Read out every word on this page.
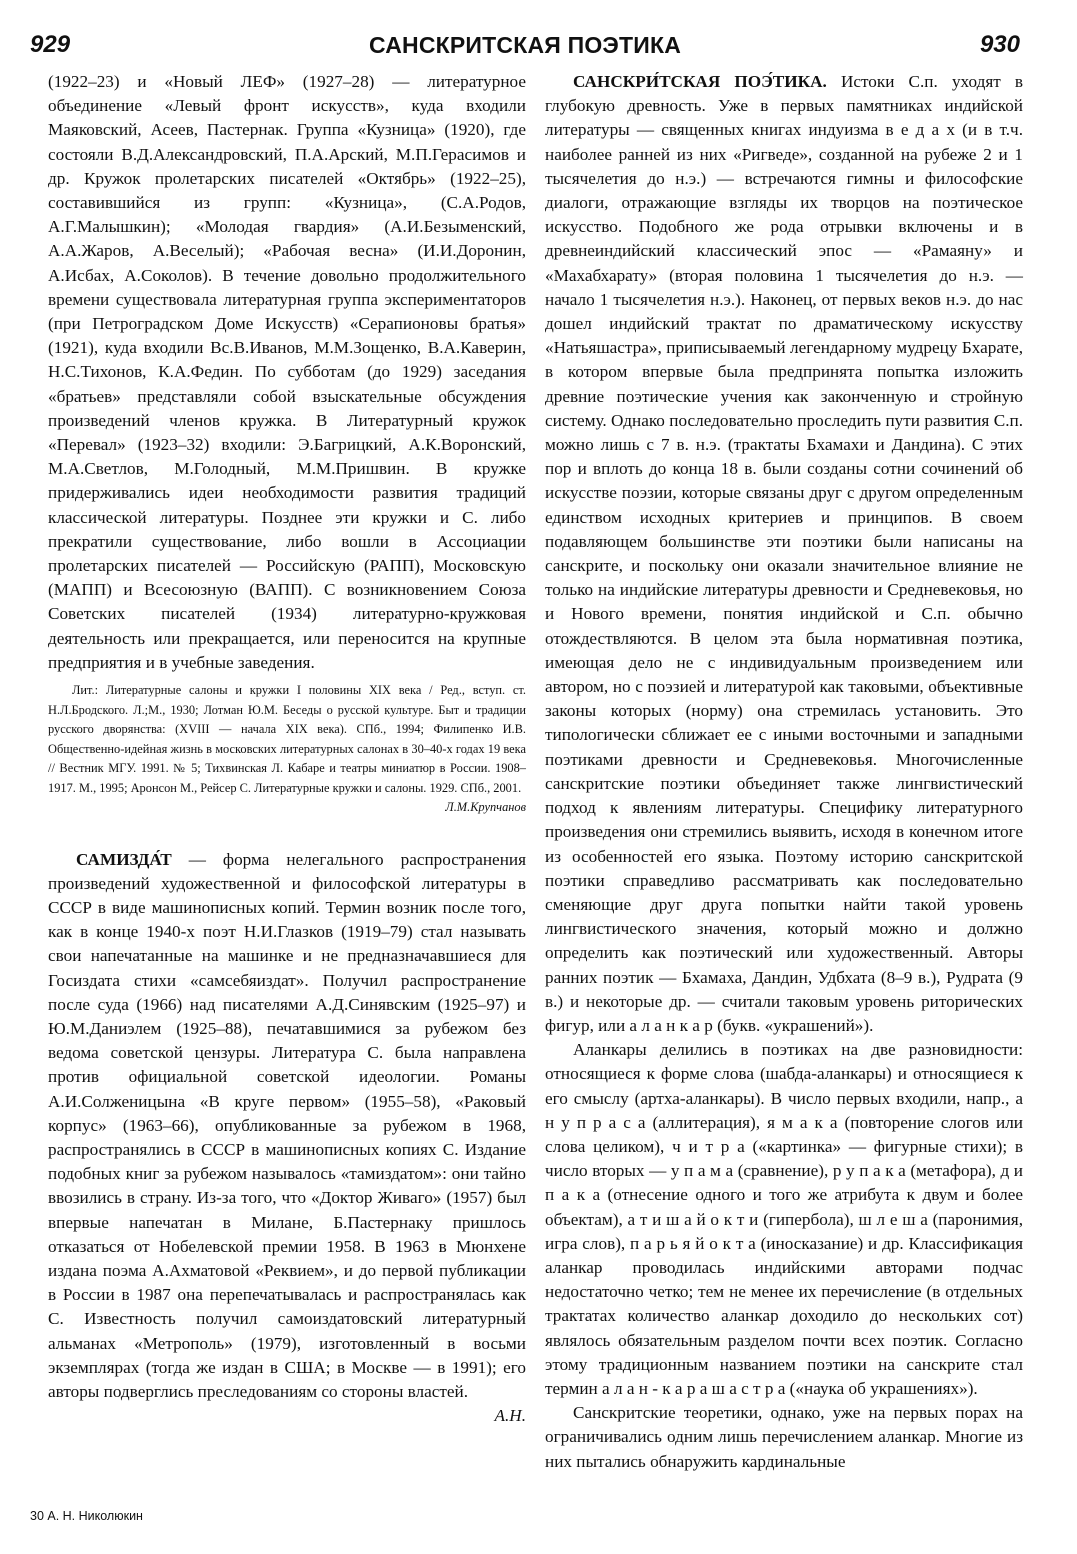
929	САНСКРИТСКАЯ ПОЭТИКА	930

(1922–23) и «Новый ЛЕФ» (1927–28) — литературное объединение «Левый фронт искусств», куда входили Маяковский, Асеев, Пастернак. Группа «Кузница» (1920), где состояли В.Д.Александровский, П.А.Арский, М.П.Герасимов и др. Кружок пролетарских писателей «Октябрь» (1922–25), составившийся из групп: «Кузница», (С.А.Родов, А.Г.Малышкин); «Молодая гвардия» (А.И.Безыменский, А.А.Жаров, А.Веселый); «Рабочая весна» (И.И.Доронин, А.Исбах, А.Соколов). В течение довольно продолжительного времени существовала литературная группа экспериментаторов (при Петроградском Доме Искусств) «Серапионовы братья» (1921), куда входили Вс.В.Иванов, М.М.Зощенко, В.А.Каверин, Н.С.Тихонов, К.А.Федин. По субботам (до 1929) заседания «братьев» представляли собой взыскательные обсуждения произведений членов кружка. В Литературный кружок «Перевал» (1923–32) входили: Э.Багрицкий, А.К.Воронский, М.А.Светлов, М.Голодный, М.М.Пришвин. В кружке придерживались идеи необходимости развития традиций классической литературы. Позднее эти кружки и С. либо прекратили существование, либо вошли в Ассоциации пролетарских писателей — Российскую (РАПП), Московскую (МАПП) и Всесоюзную (ВАПП). С возникновением Союза Советских писателей (1934) литературно-кружковая деятельность или прекращается, или переносится на крупные предприятия и в учебные заведения.

Лит.: Литературные салоны и кружки I половины XIX века / Ред., вступ. ст. Н.Л.Бродского. Л.;М., 1930; Лотман Ю.М. Беседы о русской культуре. Быт и традиции русского дворянства: (XVIII — начала XIX века). СПб., 1994; Филипенко И.В. Общественно-идейная жизнь в московских литературных салонах в 30–40-х годах 19 века // Вестник МГУ. 1991. № 5; Тихвинская Л. Кабаре и театры миниатюр в России. 1908–1917. М., 1995; Аронсон М., Рейсер С. Литературные кружки и салоны. 1929. СПб., 2001.
Л.М.Крупчанов

САМИЗДА́Т — форма нелегального распространения произведений художественной и философской литературы в СССР в виде машинописных копий. Термин возник после того, как в конце 1940-х поэт Н.И.Глазков (1919–79) стал называть свои напечатанные на машинке и не предназначавшиеся для Госиздата стихи «самсебяиздат». Получил распространение после суда (1966) над писателями А.Д.Синявским (1925–97) и Ю.М.Даниэлем (1925–88), печатавшимися за рубежом без ведома советской цензуры. Литература С. была направлена против официальной советской идеологии. Романы А.И.Солженицына «В круге первом» (1955–58), «Раковый корпус» (1963–66), опубликованные за рубежом в 1968, распространялись в СССР в машинописных копиях С. Издание подобных книг за рубежом называлось «тамиздатом»: они тайно ввозились в страну. Из-за того, что «Доктор Живаго» (1957) был впервые напечатан в Милане, Б.Пастернаку пришлось отказаться от Нобелевской премии 1958. В 1963 в Мюнхене издана поэма А.Ахматовой «Реквием», и до первой публикации в России в 1987 она перепечатывалась и распространялась как С. Известность получил самоиздатовский литературный альманах «Метрополь» (1979), изготовленный в восьми экземплярах (тогда же издан в США; в Москве — в 1991); его авторы подверглись преследованиям со стороны властей.
А.Н.

САНСКРИ́ТСКАЯ ПОЭ́ТИКА. Истоки С.п. уходят в глубокую древность. Уже в первых памятниках индийской литературы — священных книгах индуизма в е д а х (и в т.ч. наиболее ранней из них «Ригведе», созданной на рубеже 2 и 1 тысячелетия до н.э.) — встречаются гимны и философские диалоги, отражающие взгляды их творцов на поэтическое искусство. Подобного же рода отрывки включены и в древнеиндийский классический эпос — «Рамаяну» и «Махабхарату» (вторая половина 1 тысячелетия до н.э. — начало 1 тысячелетия н.э.). Наконец, от первых веков н.э. до нас дошел индийский трактат по драматическому искусству «Натьяшастра», приписываемый легендарному мудрецу Бхарате, в котором впервые была предпринята попытка изложить древние поэтические учения как законченную и стройную систему. Однако последовательно проследить пути развития С.п. можно лишь с 7 в. н.э. (трактаты Бхамахи и Дандина). С этих пор и вплоть до конца 18 в. были созданы сотни сочинений об искусстве поэзии, которые связаны друг с другом определенным единством исходных критериев и принципов. В своем подавляющем большинстве эти поэтики были написаны на санскрите, и поскольку они оказали значительное влияние не только на индийские литературы древности и Средневековья, но и Нового времени, понятия индийской и С.п. обычно отождествляются. В целом эта была нормативная поэтика, имеющая дело не с индивидуальным произведением или автором, но с поэзией и литературой как таковыми, объективные законы которых (норму) она стремилась установить. Это типологически сближает ее с иными восточными и западными поэтиками древности и Средневековья. Многочисленные санскритские поэтики объединяет также лингвистический подход к явлениям литературы. Специфику литературного произведения они стремились выявить, исходя в конечном итоге из особенностей его языка. Поэтому историю санскритской поэтики справедливо рассматривать как последовательно сменяющие друг друга попытки найти такой уровень лингвистического значения, который можно и должно определить как поэтический или художественный. Авторы ранних поэтик — Бхамаха, Дандин, Удбхата (8–9 в.), Рудрата (9 в.) и некоторые др. — считали таковым уровень риторических фигур, или а л а н к а р (букв. «украшений»).

Аланкары делились в поэтиках на две разновидности: относящиеся к форме слова (шабда-аланкары) и относящиеся к его смыслу (артха-аланкары). В число первых входили, напр., а н у п р а с а (аллитерация), я м а к а (повторение слогов или слова целиком), ч и т р а («картинка» — фигурные стихи); в число вторых — у п а м а (сравнение), р у п а к а (метафора), д и п а к а (отнесение одного и того же атрибута к двум и более объектам), а т и ш а й о к т и (гипербола), ш л е ш а (паронимия, игра слов), п а р ь я й о к т а (иносказание) и др. Классификация аланкар проводилась индийскими авторами подчас недостаточно четко; тем не менее их перечисление (в отдельных трактатах количество аланкар доходило до нескольких сот) являлось обязательным разделом почти всех поэтик. Согласно этому традиционным названием поэтики на санскрите стал термин а л а н - к а р а ш а с т р а («наука об украшениях»).

Санскритские теоретики, однако, уже на первых порах на ограничивались одним лишь перечислением аланкар. Многие из них пытались обнаружить кардинальные

30 А. Н. Николюкин
